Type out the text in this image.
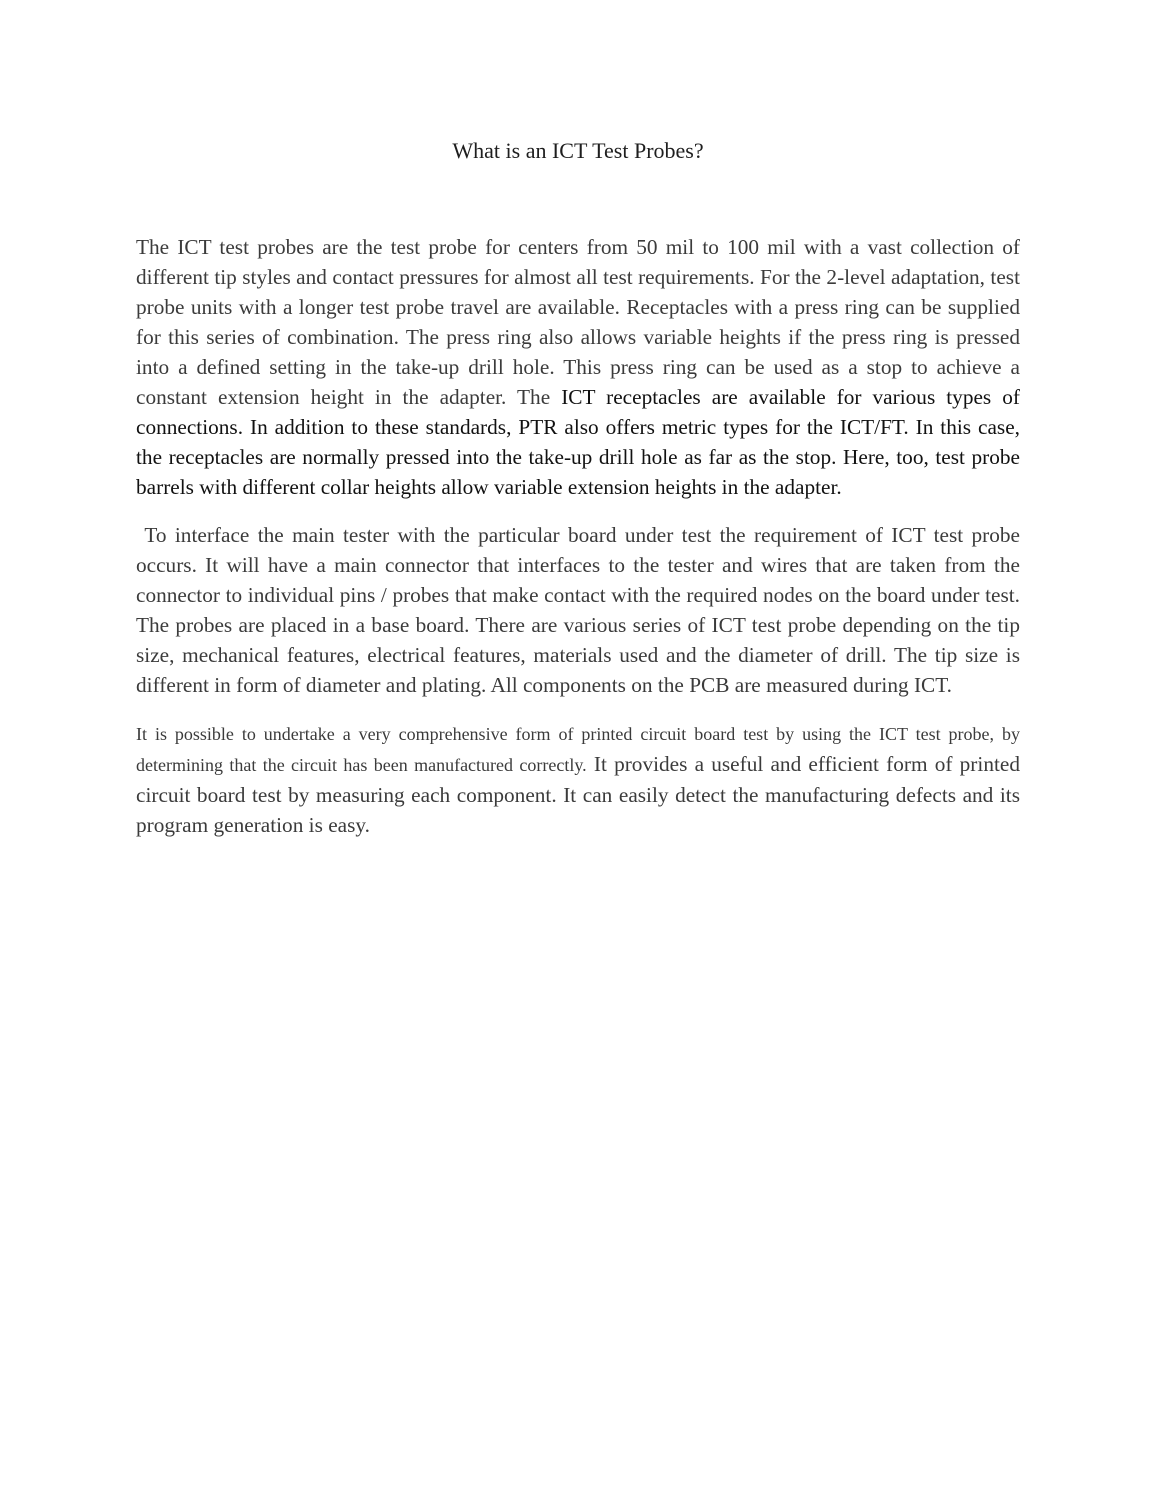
What is an ICT Test Probes?

The ICT test probes are the test probe for centers from 50 mil to 100 mil with a vast collection of different tip styles and contact pressures for almost all test requirements. For the 2-level adaptation, test probe units with a longer test probe travel are available. Receptacles with a press ring can be supplied for this series of combination. The press ring also allows variable heights if the press ring is pressed into a defined setting in the take-up drill hole. This press ring can be used as a stop to achieve a constant extension height in the adapter. The ICT receptacles are available for various types of connections. In addition to these standards, PTR also offers metric types for the ICT/FT. In this case, the receptacles are normally pressed into the take-up drill hole as far as the stop. Here, too, test probe barrels with different collar heights allow variable extension heights in the adapter.

To interface the main tester with the particular board under test the requirement of ICT test probe occurs. It will have a main connector that interfaces to the tester and wires that are taken from the connector to individual pins / probes that make contact with the required nodes on the board under test. The probes are placed in a base board. There are various series of ICT test probe depending on the tip size, mechanical features, electrical features, materials used and the diameter of drill. The tip size is different in form of diameter and plating. All components on the PCB are measured during ICT.

It is possible to undertake a very comprehensive form of printed circuit board test by using the ICT test probe, by determining that the circuit has been manufactured correctly. It provides a useful and efficient form of printed circuit board test by measuring each component. It can easily detect the manufacturing defects and its program generation is easy.
